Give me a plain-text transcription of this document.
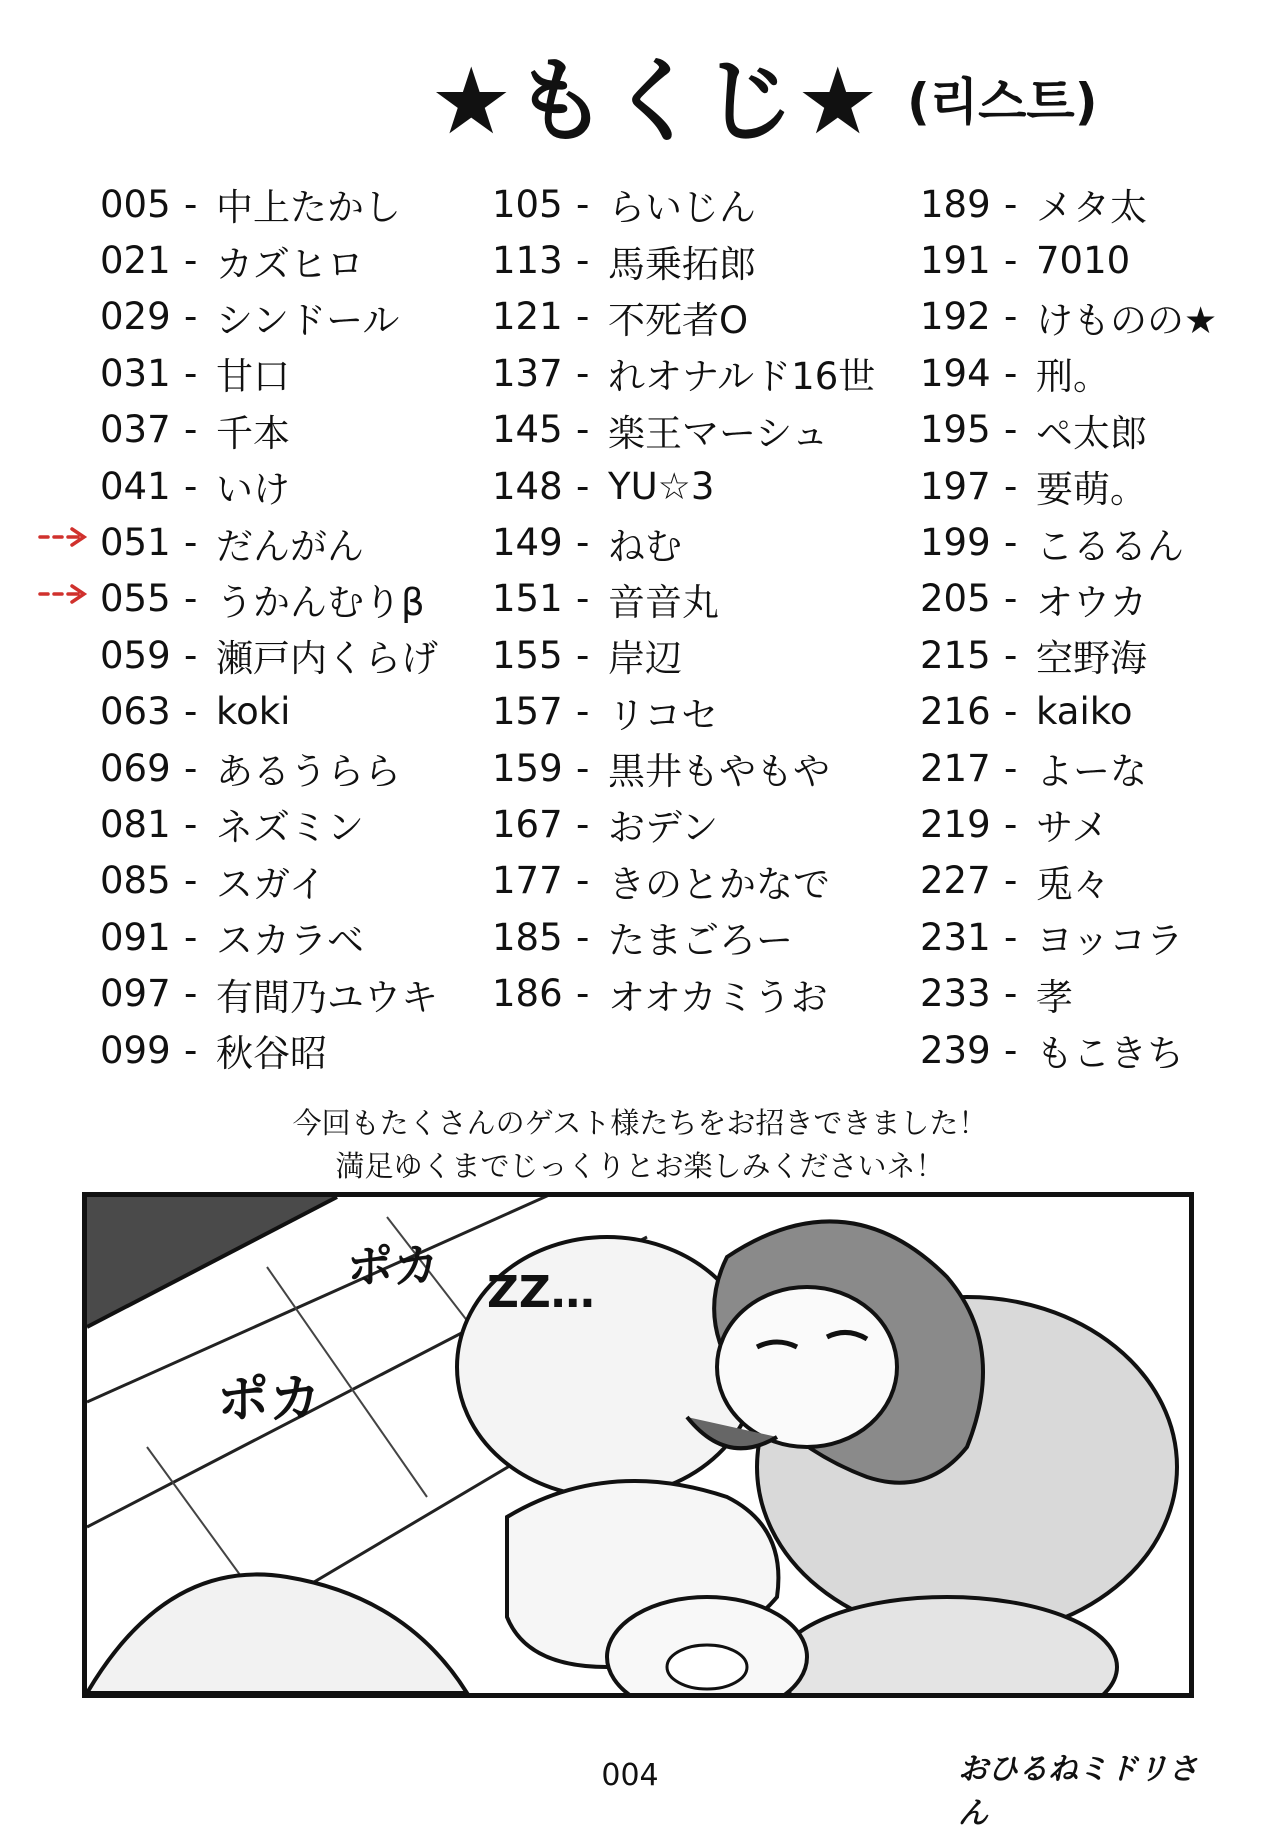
★もくじ★ (리스트)
005 - 中上たかし
021 - カズヒロ
029 - シンドール
031 - 甘口
037 - 千本
041 - いけ
051 - だんがん
055 - うかんむりβ
059 - 瀬戸内くらげ
063 - koki
069 - あるうらら
081 - ネズミン
085 - スガイ
091 - スカラベ
097 - 有間乃ユウキ
099 - 秋谷昭
105 - らいじん
113 - 馬乗拓郎
121 - 不死者O
137 - れオナルド16世
145 - 楽王マーシュ
148 - YU☆3
149 - ねむ
151 - 音音丸
155 - 岸辺
157 - リコセ
159 - 黒井もやもや
167 - おデン
177 - きのとかなで
185 - たまごろー
186 - オオカミうお
189 - メタ太
191 - 7010
192 - けものの★
194 - 刑。
195 - ペ太郎
197 - 要萌。
199 - こるるん
205 - オウカ
215 - 空野海
216 - kaiko
217 - よーな
219 - サメ
227 - 兎々
231 - ヨッコラ
233 - 孝
239 - もこきち
今回もたくさんのゲスト様たちをお招きできました！
満足ゆくまでじっくりとお楽しみくださいネ！
ポカ
ポカ
ZZ…
004	おひるねミドリさん
